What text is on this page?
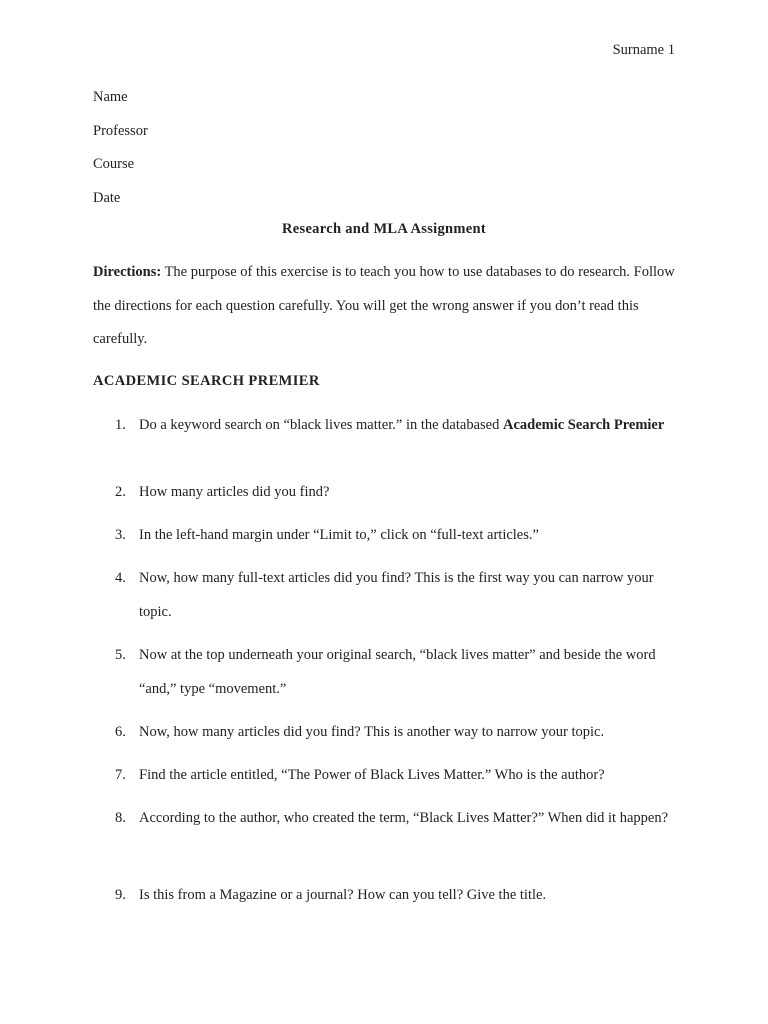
Surname 1
Name
Professor
Course
Date
Research and MLA Assignment

Directions: The purpose of this exercise is to teach you how to use databases to do research. Follow the directions for each question carefully. You will get the wrong answer if you don’t read this carefully.

ACADEMIC SEARCH PREMIER
1. Do a keyword search on “black lives matter.” in the databased Academic Search Premier
2. How many articles did you find?
3. In the left-hand margin under “Limit to,” click on “full-text articles.”
4. Now, how many full-text articles did you find? This is the first way you can narrow your topic.
5. Now at the top underneath your original search, “black lives matter” and beside the word “and,” type “movement.”
6. Now, how many articles did you find? This is another way to narrow your topic.
7. Find the article entitled, “The Power of Black Lives Matter.” Who is the author?
8. According to the author, who created the term, “Black Lives Matter?” When did it happen?
9. Is this from a Magazine or a journal? How can you tell? Give the title.
